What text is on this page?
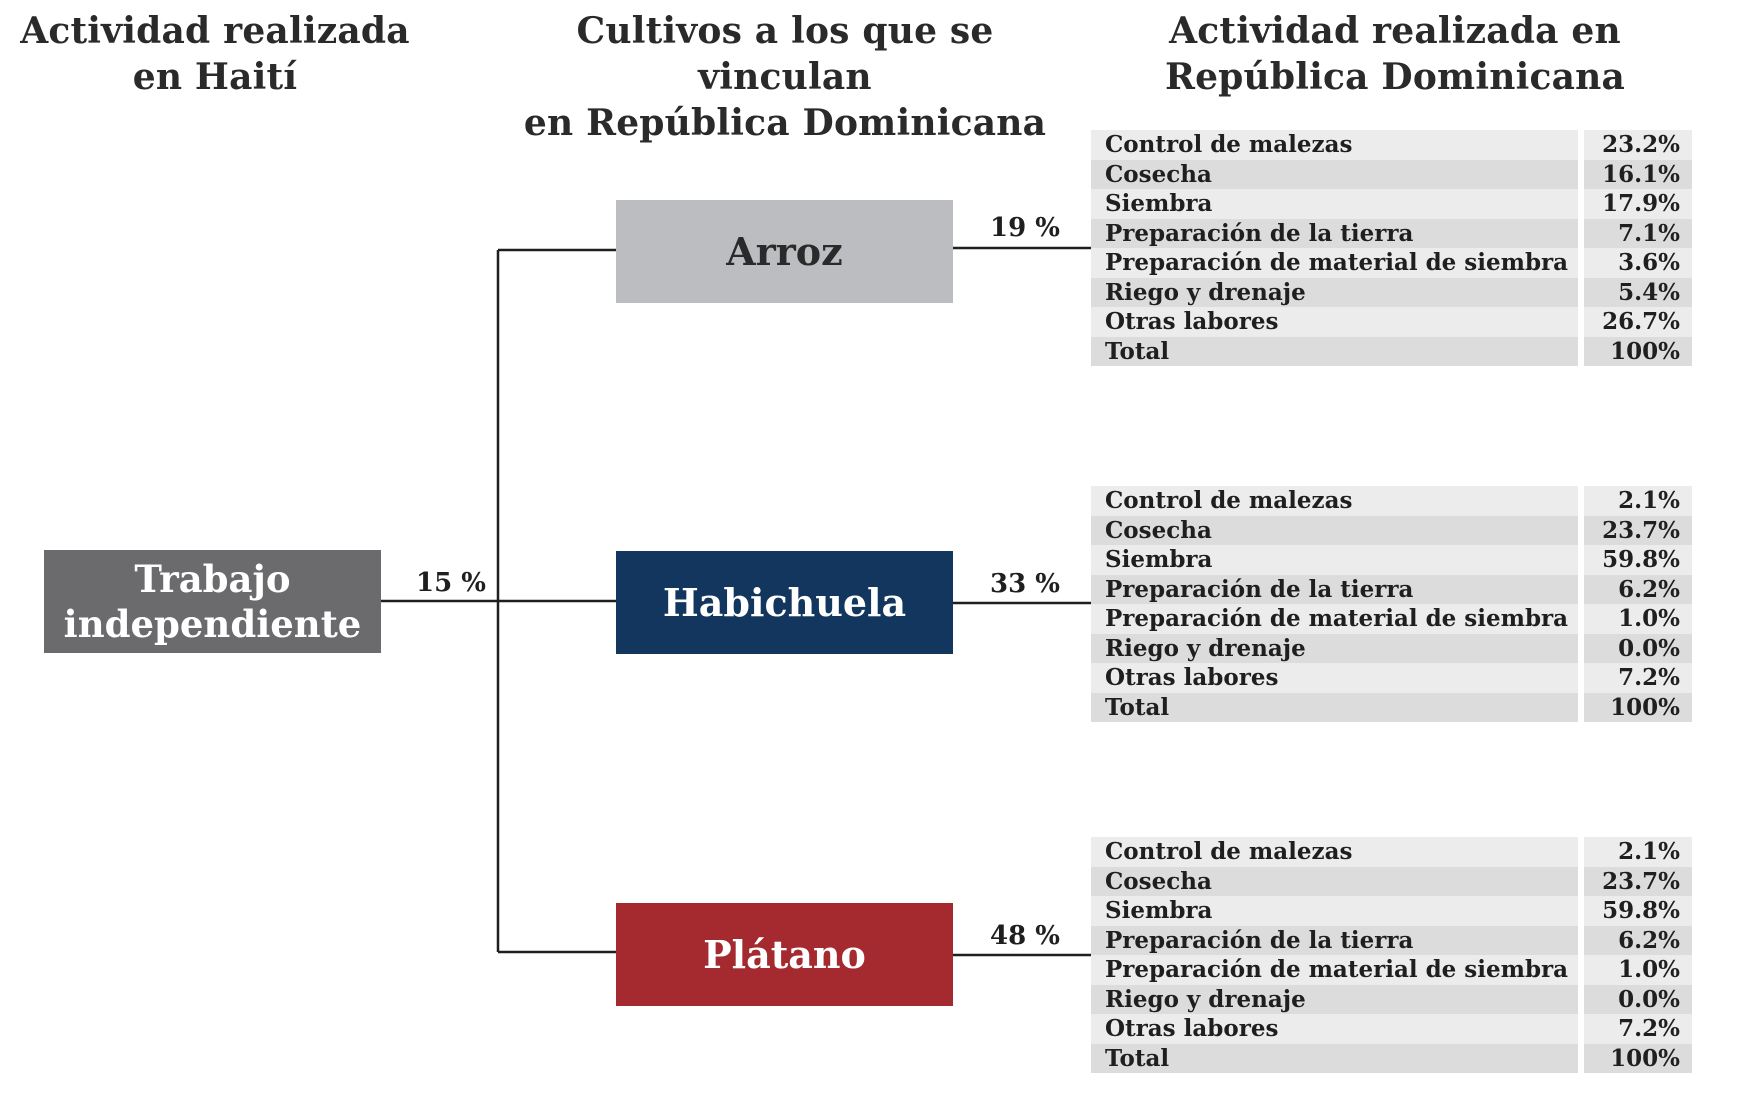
Actividad realizada
en Haití
Cultivos a los que se vinculan
en República Dominicana
Actividad realizada en
República Dominicana
Trabajo
independiente
15 %
Arroz
19 %
Habichuela	33 %
Plátano	48 %
Control de malezas	23.2%
Cosecha	16.1%
Siembra	17.9%
Preparación de la tierra	7.1%
Preparación de material de siembra	3.6%
Riego y drenaje	5.4%
Otras labores	26.7%
Total	100%
Control de malezas	2.1%
Cosecha	23.7%
Siembra	59.8%
Preparación de la tierra	6.2%
Preparación de material de siembra	1.0%
Riego y drenaje	0.0%
Otras labores	7.2%
Total	100%
Control de malezas	2.1%
Cosecha	23.7%
Siembra	59.8%
Preparación de la tierra	6.2%
Preparación de material de siembra	1.0%
Riego y drenaje	0.0%
Otras labores	7.2%
Total	100%
